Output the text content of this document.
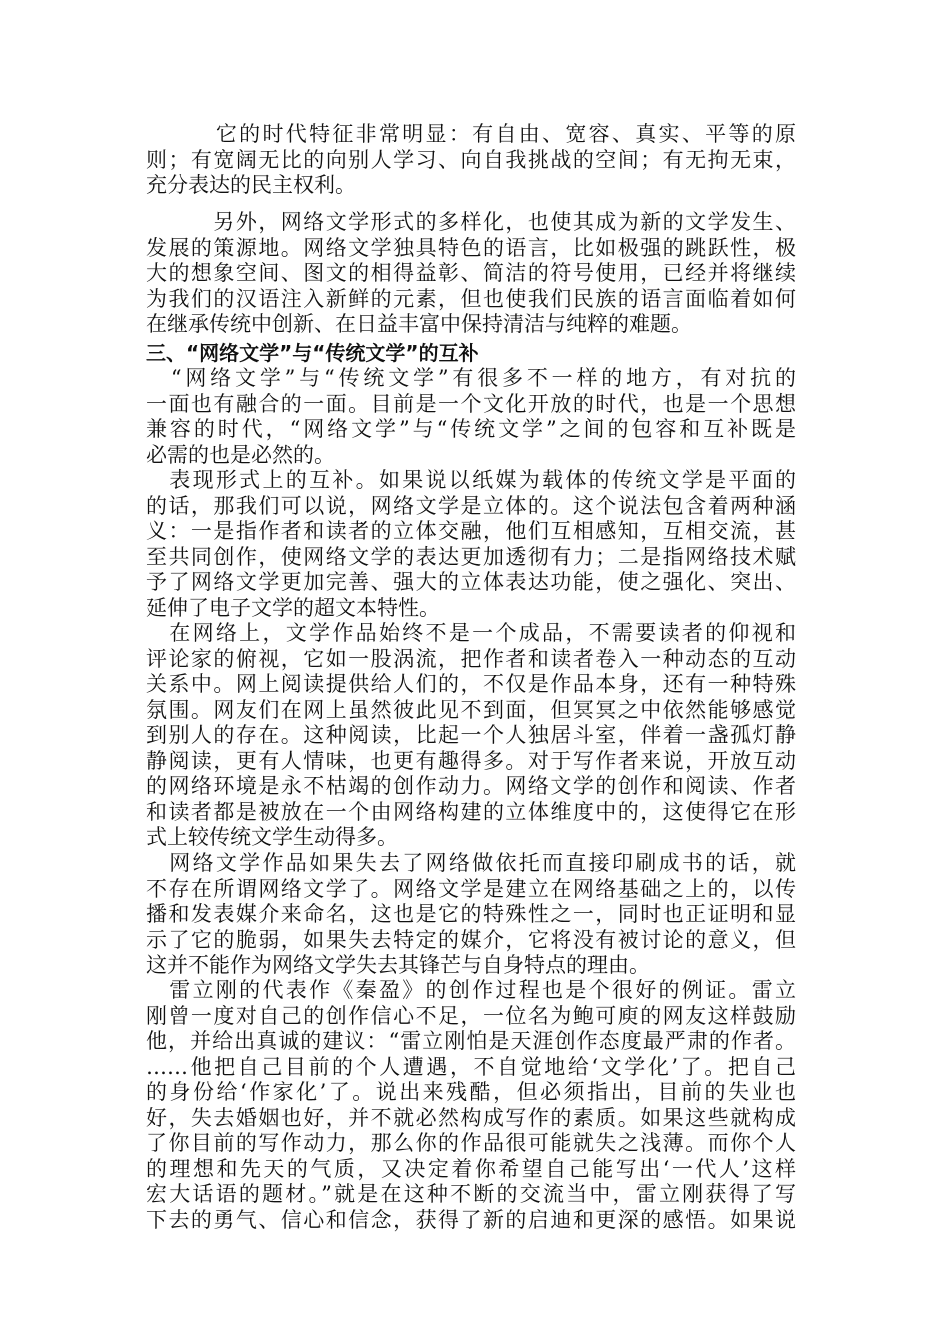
　　　它的时代特征非常明显：有自由、宽容、真实、平等的原
则；有宽阔无比的向别人学习、向自我挑战的空间；有无拘无束，
充分表达的民主权利。
　　　另外，网络文学形式的多样化，也使其成为新的文学发生、
发展的策源地。网络文学独具特色的语言，比如极强的跳跃性，极
大的想象空间、图文的相得益彰、简洁的符号使用，已经并将继续
为我们的汉语注入新鲜的元素，但也使我们民族的语言面临着如何
在继承传统中创新、在日益丰富中保持清洁与纯粹的难题。
三、“网络文学”与“传统文学”的互补
　“网络文学”与“传统文学”有很多不一样的地方，有对抗的
一面也有融合的一面。目前是一个文化开放的时代，也是一个思想
兼容的时代，“网络文学”与“传统文学”之间的包容和互补既是
必需的也是必然的。
　表现形式上的互补。如果说以纸媒为载体的传统文学是平面的
的话，那我们可以说，网络文学是立体的。这个说法包含着两种涵
义：一是指作者和读者的立体交融，他们互相感知，互相交流，甚
至共同创作，使网络文学的表达更加透彻有力；二是指网络技术赋
予了网络文学更加完善、强大的立体表达功能，使之强化、突出、
延伸了电子文学的超文本特性。
　在网络上，文学作品始终不是一个成品，不需要读者的仰视和
评论家的俯视，它如一股涡流，把作者和读者卷入一种动态的互动
关系中。网上阅读提供给人们的，不仅是作品本身，还有一种特殊
氛围。网友们在网上虽然彼此见不到面，但冥冥之中依然能够感觉
到别人的存在。这种阅读，比起一个人独居斗室，伴着一盏孤灯静
静阅读，更有人情味，也更有趣得多。对于写作者来说，开放互动
的网络环境是永不枯竭的创作动力。网络文学的创作和阅读、作者
和读者都是被放在一个由网络构建的立体维度中的，这使得它在形
式上较传统文学生动得多。
　网络文学作品如果失去了网络做依托而直接印刷成书的话，就
不存在所谓网络文学了。网络文学是建立在网络基础之上的，以传
播和发表媒介来命名，这也是它的特殊性之一，同时也正证明和显
示了它的脆弱，如果失去特定的媒介，它将没有被讨论的意义，但
这并不能作为网络文学失去其锋芒与自身特点的理由。
　雷立刚的代表作《秦盈》的创作过程也是个很好的例证。雷立
刚曾一度对自己的创作信心不足，一位名为鲍可庾的网友这样鼓励
他，并给出真诚的建议：“雷立刚怕是天涯创作态度最严肃的作者。
……他把自己目前的个人遭遇，不自觉地给‘文学化’了。把自己
的身份给‘作家化’了。说出来残酷，但必须指出，目前的失业也
好，失去婚姻也好，并不就必然构成写作的素质。如果这些就构成
了你目前的写作动力，那么你的作品很可能就失之浅薄。而你个人
的理想和先天的气质，又决定着你希望自己能写出‘一代人’这样
宏大话语的题材。”就是在这种不断的交流当中，雷立刚获得了写
下去的勇气、信心和信念，获得了新的启迪和更深的感悟。如果说
